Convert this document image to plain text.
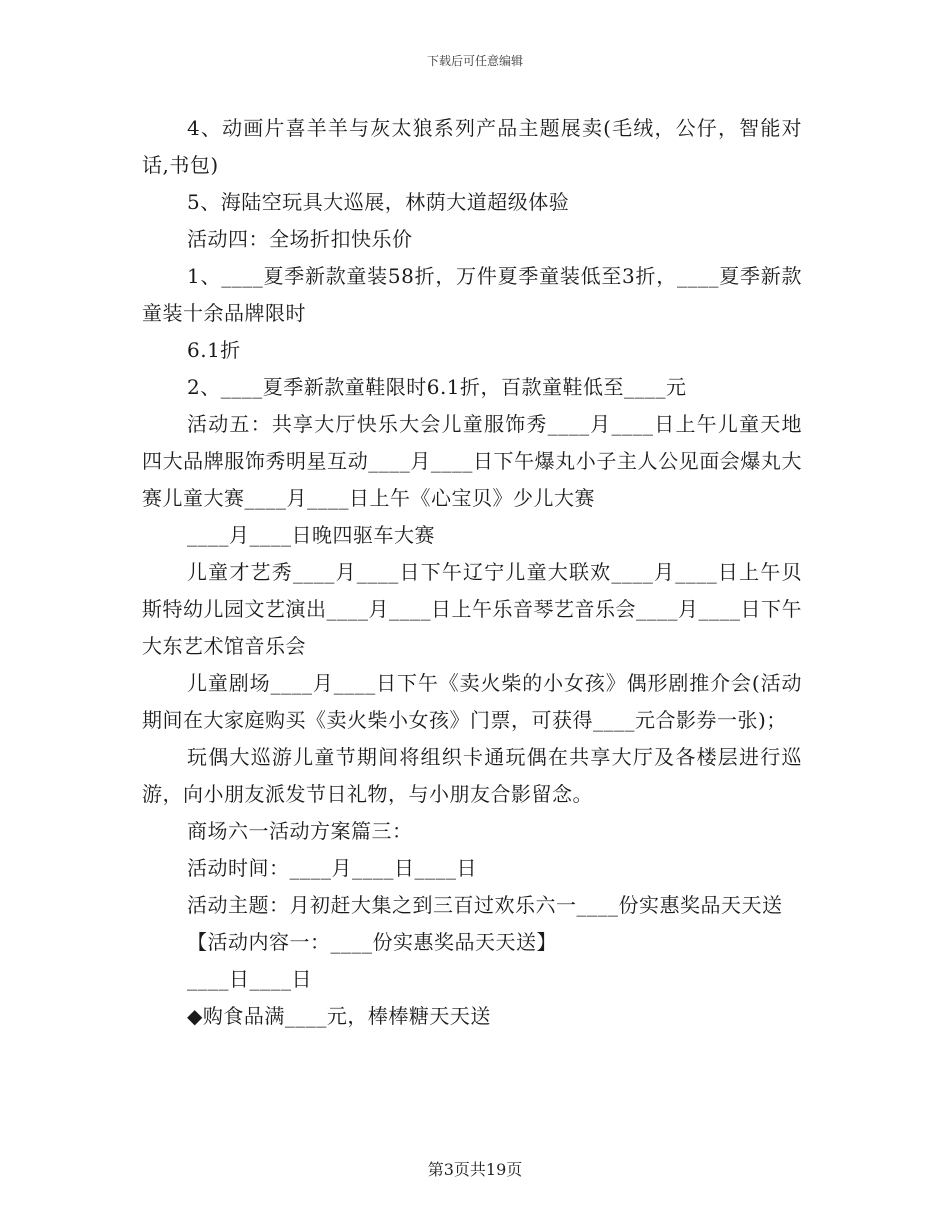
下载后可任意编辑

4、动画片喜羊羊与灰太狼系列产品主题展卖(毛绒，公仔，智能对话,书包)

5、海陆空玩具大巡展，林荫大道超级体验

活动四：全场折扣快乐价

1、____夏季新款童装58折，万件夏季童装低至3折，____夏季新款童装十余品牌限时

6.1折

2、____夏季新款童鞋限时6.1折，百款童鞋低至____元

活动五：共享大厅快乐大会儿童服饰秀____月____日上午儿童天地四大品牌服饰秀明星互动____月____日下午爆丸小子主人公见面会爆丸大赛儿童大赛____月____日上午《心宝贝》少儿大赛

____月____日晚四驱车大赛

儿童才艺秀____月____日下午辽宁儿童大联欢____月____日上午贝斯特幼儿园文艺演出____月____日上午乐音琴艺音乐会____月____日下午大东艺术馆音乐会

儿童剧场____月____日下午《卖火柴的小女孩》偶形剧推介会(活动期间在大家庭购买《卖火柴小女孩》门票，可获得____元合影券一张)；

玩偶大巡游儿童节期间将组织卡通玩偶在共享大厅及各楼层进行巡游，向小朋友派发节日礼物，与小朋友合影留念。

商场六一活动方案篇三：

活动时间：____月____日____日

活动主题：月初赶大集之到三百过欢乐六一____份实惠奖品天天送

【活动内容一：____份实惠奖品天天送】

____日____日

◆购食品满____元，棒棒糖天天送

第3页共19页
